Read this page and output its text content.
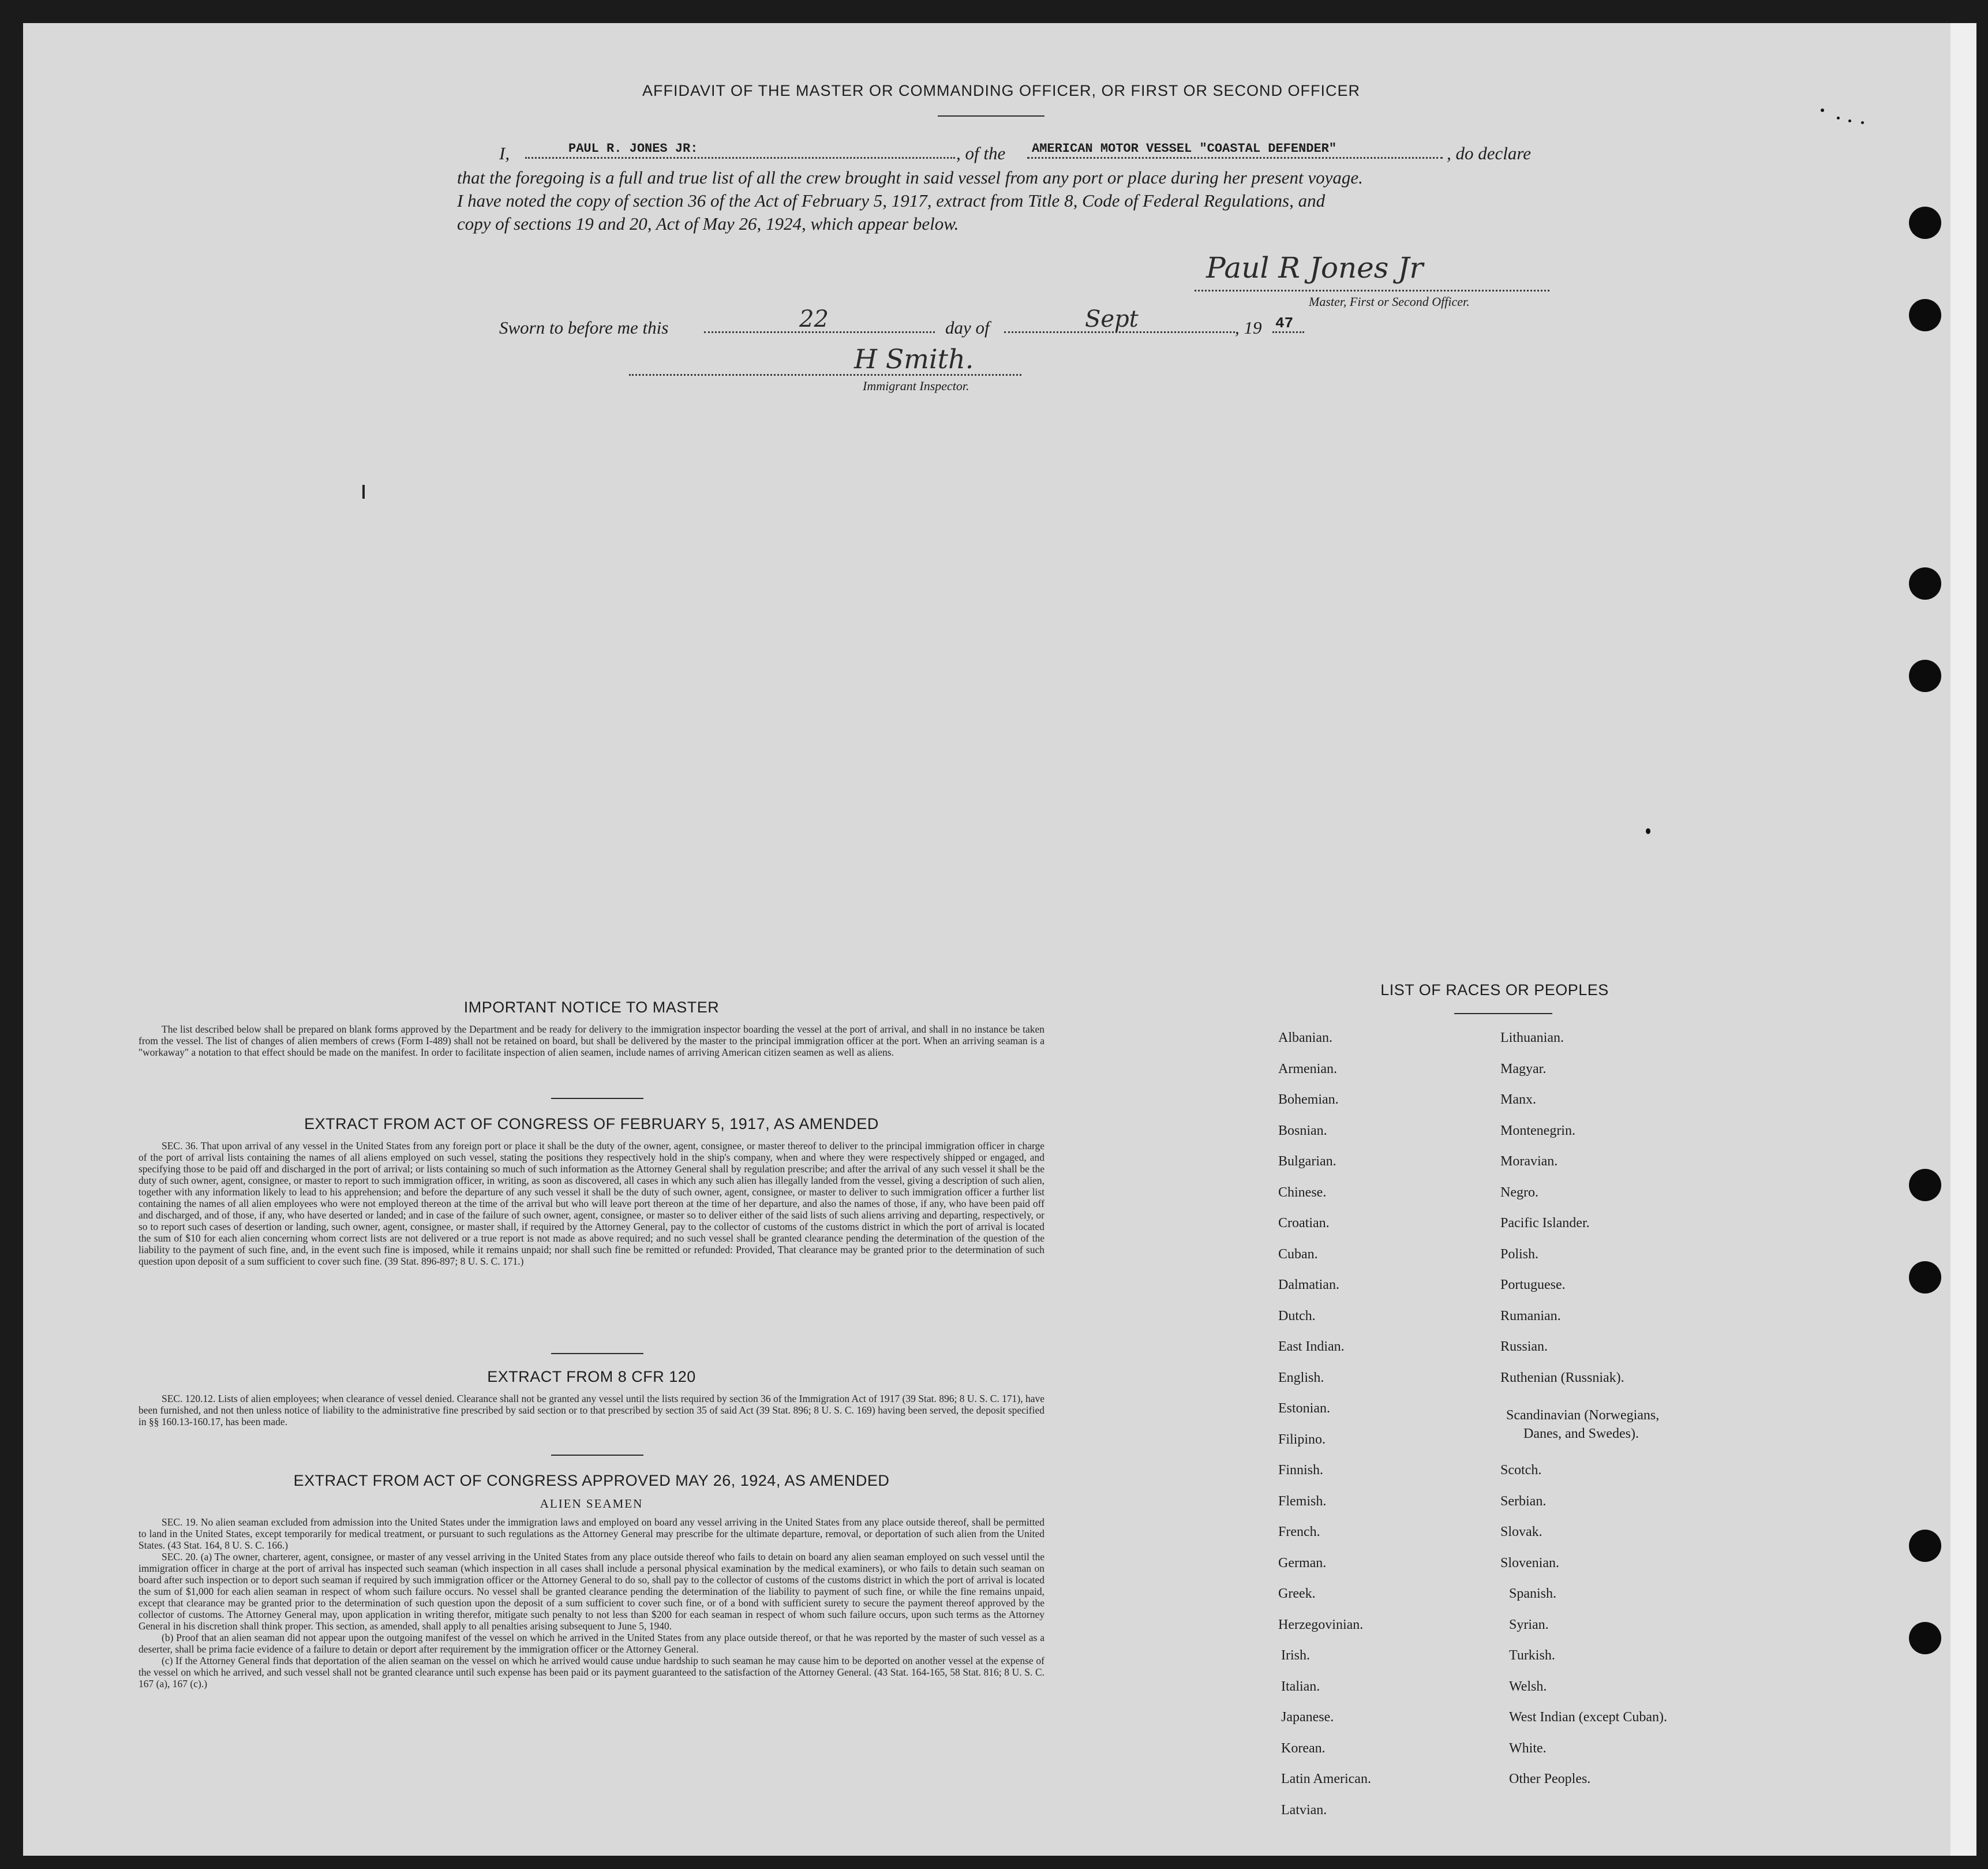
AFFIDAVIT OF THE MASTER OR COMMANDING OFFICER, OR FIRST OR SECOND OFFICER
I,	PAUL R. JONES JR:	, of the AMERICAN MOTOR VESSEL "COASTAL DEFENDER"	, do declare
that the foregoing is a full and true list of all the crew brought in said vessel from any port or place during her present voyage.
I have noted the copy of section 36 of the Act of February 5, 1917, extract from Title 8, Code of Federal Regulations, and
copy of sections 19 and 20, Act of May 26, 1924, which appear below.
Paul R Jones Jr
Master, First or Second Officer.
Sworn to before me this	22	day of	Sept	, 19 47
H Smith.
Immigrant Inspector.
IMPORTANT NOTICE TO MASTER

The list described below shall be prepared on blank forms approved by the Department and be ready for delivery to the immigration inspector boarding the vessel at the port of arrival, and shall in no instance be taken from the vessel. The list of changes of alien members of crews (Form I-489) shall not be retained on board, but shall be delivered by the master to the principal immigration officer at the port. When an arriving seaman is a "workaway" a notation to that effect should be made on the manifest. In order to facilitate inspection of alien seamen, include names of arriving American citizen seamen as well as aliens.

EXTRACT FROM ACT OF CONGRESS OF FEBRUARY 5, 1917, AS AMENDED

SEC. 36. That upon arrival of any vessel in the United States from any foreign port or place it shall be the duty of the owner, agent, consignee, or master thereof to deliver to the principal immigration officer in charge of the port of arrival lists containing the names of all aliens employed on such vessel, stating the positions they respectively hold in the ship's company, when and where they were respectively shipped or engaged, and specifying those to be paid off and discharged in the port of arrival; or lists containing so much of such information as the Attorney General shall by regulation prescribe; and after the arrival of any such vessel it shall be the duty of such owner, agent, consignee, or master to report to such immigration officer, in writing, as soon as discovered, all cases in which any such alien has illegally landed from the vessel, giving a description of such alien, together with any information likely to lead to his apprehension; and before the departure of any such vessel it shall be the duty of such owner, agent, consignee, or master to deliver to such immigration officer a further list containing the names of all alien employees who were not employed thereon at the time of the arrival but who will leave port thereon at the time of her departure, and also the names of those, if any, who have been paid off and discharged, and of those, if any, who have deserted or landed; and in case of the failure of such owner, agent, consignee, or master so to deliver either of the said lists of such aliens arriving and departing, respectively, or so to report such cases of desertion or landing, such owner, agent, consignee, or master shall, if required by the Attorney General, pay to the collector of customs of the customs district in which the port of arrival is located the sum of $10 for each alien concerning whom correct lists are not delivered or a true report is not made as above required; and no such vessel shall be granted clearance pending the determination of the question of the liability to the payment of such fine, and, in the event such fine is imposed, while it remains unpaid; nor shall such fine be remitted or refunded: Provided, That clearance may be granted prior to the determination of such question upon deposit of a sum sufficient to cover such fine. (39 Stat. 896-897; 8 U. S. C. 171.)

EXTRACT FROM 8 CFR 120

SEC. 120.12. Lists of alien employees; when clearance of vessel denied. Clearance shall not be granted any vessel until the lists required by section 36 of the Immigration Act of 1917 (39 Stat. 896; 8 U. S. C. 171), have been furnished, and not then unless notice of liability to the administrative fine prescribed by said section or to that prescribed by section 35 of said Act (39 Stat. 896; 8 U. S. C. 169) having been served, the deposit specified in §§ 160.13-160.17, has been made.

EXTRACT FROM ACT OF CONGRESS APPROVED MAY 26, 1924, AS AMENDED
ALIEN SEAMEN

SEC. 19. No alien seaman excluded from admission into the United States under the immigration laws and employed on board any vessel arriving in the United States from any place outside thereof, shall be permitted to land in the United States, except temporarily for medical treatment, or pursuant to such regulations as the Attorney General may prescribe for the ultimate departure, removal, or deportation of such alien from the United States. (43 Stat. 164, 8 U. S. C. 166.)

SEC. 20. (a) The owner, charterer, agent, consignee, or master of any vessel arriving in the United States from any place outside thereof who fails to detain on board any alien seaman employed on such vessel until the immigration officer in charge at the port of arrival has inspected such seaman (which inspection in all cases shall include a personal physical examination by the medical examiners), or who fails to detain such seaman on board after such inspection or to deport such seaman if required by such immigration officer or the Attorney General to do so, shall pay to the collector of customs of the customs district in which the port of arrival is located the sum of $1,000 for each alien seaman in respect of whom such failure occurs. No vessel shall be granted clearance pending the determination of the liability to payment of such fine, or while the fine remains unpaid, except that clearance may be granted prior to the determination of such question upon the deposit of a sum sufficient to cover such fine, or of a bond with sufficient surety to secure the payment thereof approved by the collector of customs. The Attorney General may, upon application in writing therefor, mitigate such penalty to not less than $200 for each seaman in respect of whom such failure occurs, upon such terms as the Attorney General in his discretion shall think proper. This section, as amended, shall apply to all penalties arising subsequent to June 5, 1940.

(b) Proof that an alien seaman did not appear upon the outgoing manifest of the vessel on which he arrived in the United States from any place outside thereof, or that he was reported by the master of such vessel as a deserter, shall be prima facie evidence of a failure to detain or deport after requirement by the immigration officer or the Attorney General.

(c) If the Attorney General finds that deportation of the alien seaman on the vessel on which he arrived would cause undue hardship to such seaman he may cause him to be deported on another vessel at the expense of the vessel on which he arrived, and such vessel shall not be granted clearance until such expense has been paid or its payment guaranteed to the satisfaction of the Attorney General. (43 Stat. 164-165, 58 Stat. 816; 8 U. S. C. 167 (a), 167 (c).)

LIST OF RACES OR PEOPLES
Albanian.
Armenian.
Bohemian.
Bosnian.
Bulgarian.
Chinese.
Croatian.
Cuban.
Dalmatian.
Dutch.
East Indian.
English.
Estonian.
Filipino.
Finnish.
Flemish.
French.
German.
Greek.
Herzegovinian.
Irish.
Italian.
Japanese.
Korean.
Latin American.
Latvian.
Lithuanian.
Magyar.
Manx.
Montenegrin.
Moravian.
Negro.
Pacific Islander.
Polish.
Portuguese.
Rumanian.
Russian.
Ruthenian (Russniak).
Scandinavian (Norwegians,
Danes, and Swedes).
Scotch.
Serbian.
Slovak.
Slovenian.
Spanish.
Syrian.
Turkish.
Welsh.
West Indian (except Cuban).
White.
Other Peoples.
